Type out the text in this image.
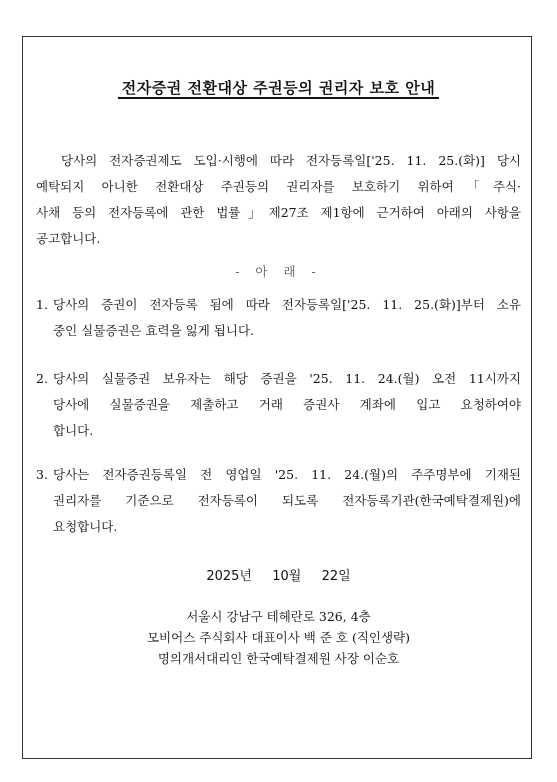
전자증권 전환대상 주권등의 권리자 보호 안내
당사의 전자증권제도 도입·시행에 따라 전자등록일['25. 11. 25.(화)] 당시
예탁되지 아니한 전환대상 주권등의 권리자를 보호하기 위하여「주식·
사채 등의 전자등록에 관한 법률」제27조 제1항에 근거하여 아래의 사항을
공고합니다.
- 아 래 -
1. 당사의 증권이 전자등록 됨에 따라 전자등록일['25. 11. 25.(화)]부터 소유
중인 실물증권은 효력을 잃게 됩니다.
2. 당사의 실물증권 보유자는 해당 증권을 '25. 11. 24.(월) 오전 11시까지
당사에 실물증권을 제출하고 거래 증권사 계좌에 입고 요청하여야
합니다.
3. 당사는 전자증권등록일 전 영업일 '25. 11. 24.(월)의 주주명부에 기재된
권리자를 기준으로 전자등록이 되도록 전자등록기관(한국예탁결제원)에
요청합니다.
2025년  10월  22일
서울시 강남구 테헤란로 326, 4층
모비어스 주식회사 대표이사 백 준 호 (직인생략)
명의개서대리인 한국예탁결제원 사장 이순호
